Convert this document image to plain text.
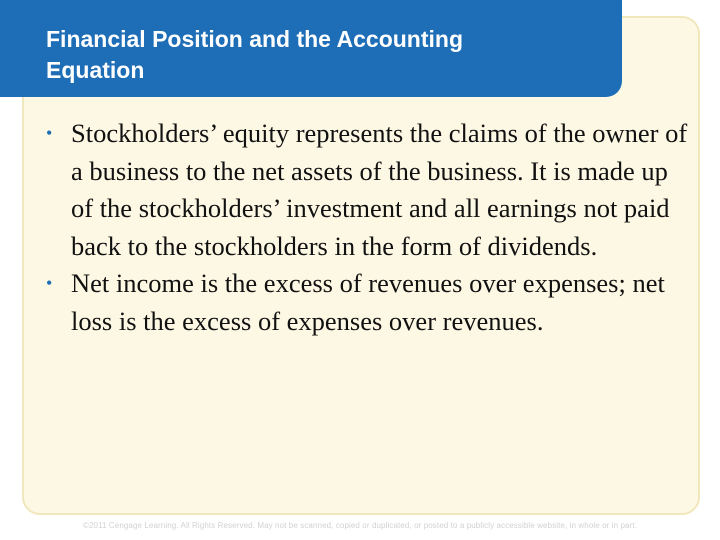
Financial Position and the Accounting
Equation
• Stockholders’ equity represents the claims of the owner of a business to the net assets of the business. It is made up of the stockholders’ investment and all earnings not paid back to the stockholders in the form of dividends.
• Net income is the excess of revenues over expenses; net loss is the excess of expenses over revenues.
©2011 Cengage Learning. All Rights Reserved. May not be scanned, copied or duplicated, or posted to a publicly accessible website, in whole or in part.
